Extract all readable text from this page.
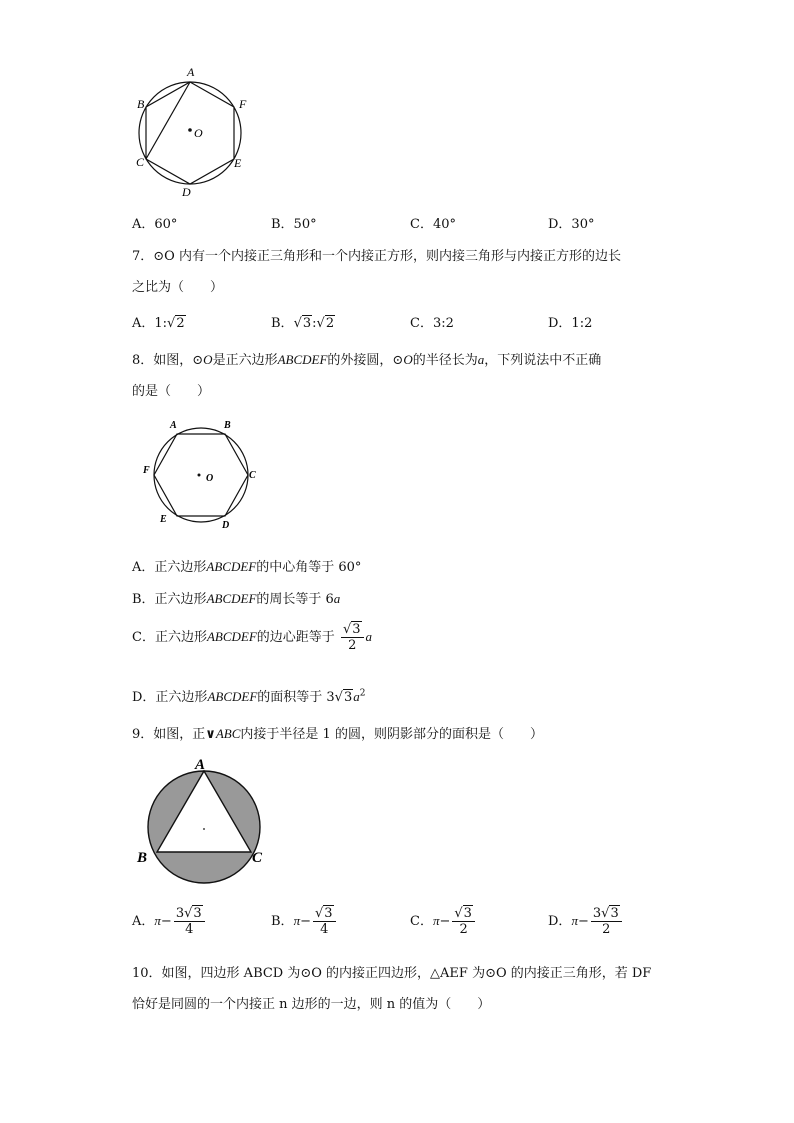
A
B
C
D
E
F
O
A．60°	B．50°	C．40°	D．30°
7．⊙O 内有一个内接正三角形和一个内接正方形，则内接三角形与内接正方形的边长
之比为（　　）
A．1:√2	B．√3:√2	C．3:2	D．1:2
8．如图，⊙O是正六边形ABCDEF的外接圆，⊙O的半径长为a，下列说法中不正确
的是（　　）
A	B
C
D
E
F
O
A．正六边形ABCDEF的中心角等于 60°
B．正六边形ABCDEF的周长等于 6a
C．正六边形ABCDEF的边心距等于 $\frac{√3}{2}$ a
D．正六边形ABCDEF的面积等于 $3√3a^2$
9．如图，正∨ABC内接于半径是 1 的圆，则阴影部分的面积是（　　）
A
B	C
A．$\pi- \frac{3√3}{4}$	B．$\pi- \frac{√3}{4}$	C．$\pi- \frac{√3}{2}$	D．$\pi- \frac{3√3}{2}$
10．如图，四边形 ABCD 为⊙O 的内接正四边形，△AEF 为⊙O 的内接正三角形，若 DF
恰好是同圆的一个内接正 n 边形的一边，则 n 的值为（　　）
